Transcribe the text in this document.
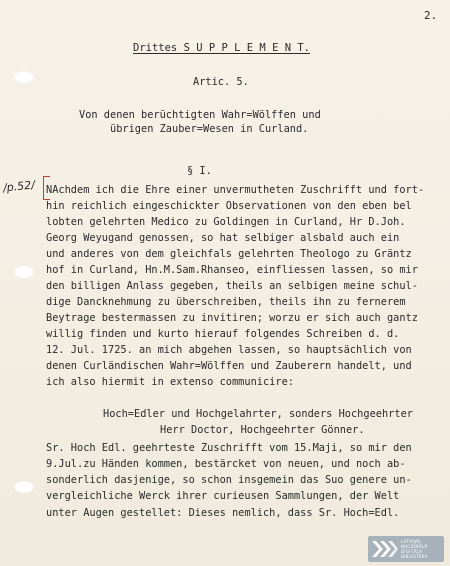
2.
Drittes S U P P L E M E N T.
Artic. 5.
Von denen berüchtigten Wahr=Wölffen und
übrigen Zauber=Wesen in Curland.
§ I.
/p.52/ NAchdem ich die Ehre einer unvermutheten Zuschrifft und fort-
hin reichlich eingeschickter Observationen von den eben bel
lobten gelehrten Medico zu Goldingen in Curland, Hr D.Joh.
Georg Weyugand genossen, so hat selbiger alsbald auch ein
und anderes von dem gleichfals gelehrten Theologo zu Gräntz
hof in Curland, Hn.M.Sam.Rhanseo, einfliessen lassen, so mir
den billigen Anlass gegeben, theils an selbigen meine schul-
dige Dancknehmung zu überschreiben, theils ihn zu fernerem
Beytrage bestermassen zu invitiren; worzu er sich auch gantz
willig finden und kurto hierauf folgendes Schreiben d. d.
12. Jul. 1725. an mich abgehen lassen, so hauptsächlich von
denen Curländischen Wahr=Wölffen und Zauberern handelt, und
ich also hiermit in extenso communicire:
Hoch=Edler und Hochgelahrter, sonders Hochgeehrter
Herr Doctor, Hochgeehrter Gönner.
Sr. Hoch Edl. geehrteste Zuschrifft vom 15.Maji, so mir den
9.Jul.zu Händen kommen, bestärcket von neuen, und noch ab-
sonderlich dasjenige, so schon insgemein das Suo genere un-
vergleichliche Werck ihrer curieusen Sammlungen, der Welt
unter Augen gestellet: Dieses nemlich, dass Sr. Hoch=Edl.
LATVIJAS
NACIONĀLĀ
DIGITĀLĀ
BIBLIOTĒKA
